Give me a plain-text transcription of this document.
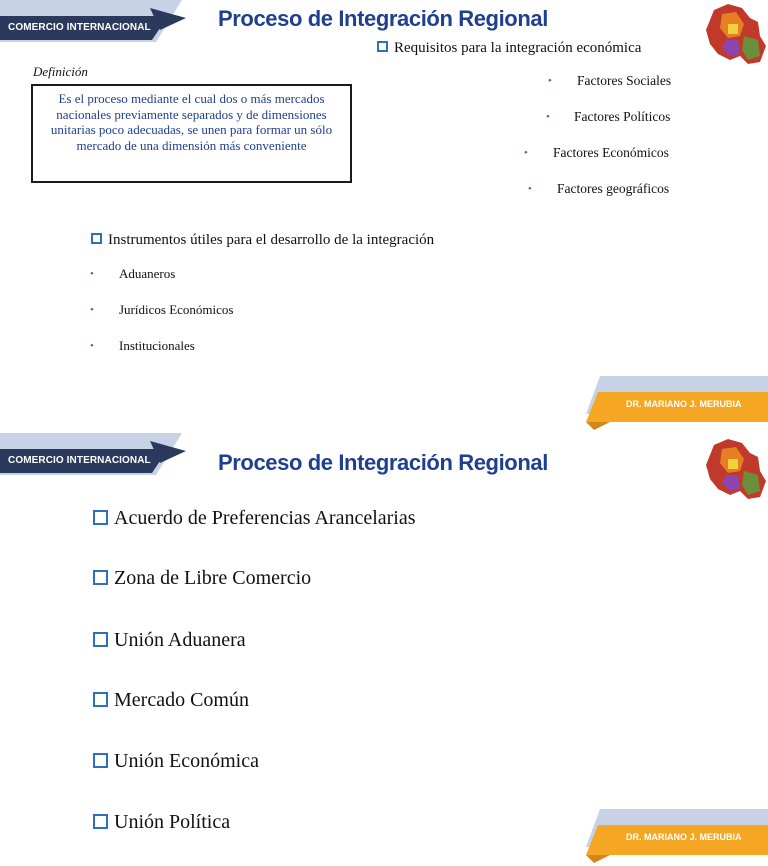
COMERCIO INTERNACIONAL	Proceso de Integración Regional
Definición
Es el proceso mediante el cual dos o más mercados nacionales previamente separados y de dimensiones unitarias poco adecuadas, se unen para formar un sólo mercado de una dimensión más conveniente
Requisitos para la integración económica
• Factores Sociales
• Factores Políticos
• Factores Económicos
• Factores geográficos
Instrumentos útiles para el desarrollo de la integración
• Aduaneros
• Jurídicos Económicos
• Institucionales
DR. MARIANO J. MERUBIA
COMERCIO INTERNACIONAL	Proceso de Integración Regional
Acuerdo de Preferencias Arancelarias
Zona de Libre Comercio
Unión Aduanera
Mercado Común
Unión Económica
Unión Política
DR. MARIANO J. MERUBIA
